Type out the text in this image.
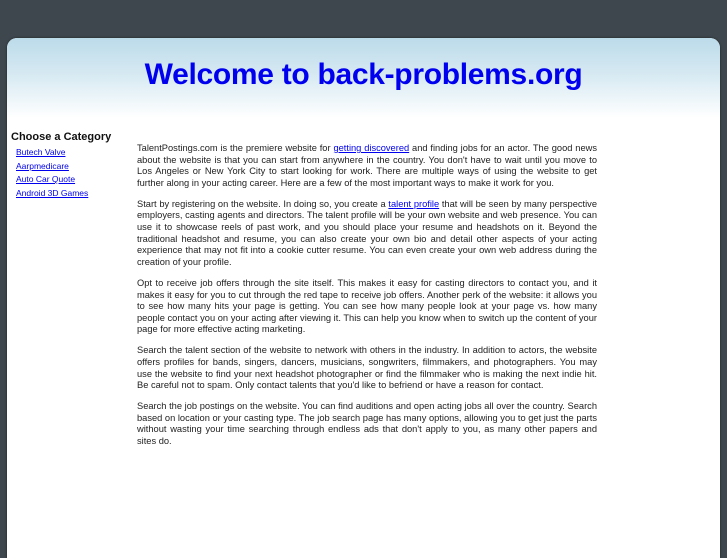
Welcome to back-problems.org
Choose a Category
Butech Valve
Aarpmedicare
Auto Car Quote
Android 3D Games

TalentPostings.com is the premiere website for getting discovered and finding jobs for an actor. The good news about the website is that you can start from anywhere in the country. You don't have to wait until you move to Los Angeles or New York City to start looking for work. There are multiple ways of using the website to get further along in your acting career. Here are a few of the most important ways to make it work for you.

Start by registering on the website. In doing so, you create a talent profile that will be seen by many perspective employers, casting agents and directors. The talent profile will be your own website and web presence. You can use it to showcase reels of past work, and you should place your resume and headshots on it. Beyond the traditional headshot and resume, you can also create your own bio and detail other aspects of your acting experience that may not fit into a cookie cutter resume. You can even create your own web address during the creation of your profile.

Opt to receive job offers through the site itself. This makes it easy for casting directors to contact you, and it makes it easy for you to cut through the red tape to receive job offers. Another perk of the website: it allows you to see how many hits your page is getting. You can see how many people look at your page vs. how many people contact you on your acting after viewing it. This can help you know when to switch up the content of your page for more effective acting marketing.

Search the talent section of the website to network with others in the industry. In addition to actors, the website offers profiles for bands, singers, dancers, musicians, songwriters, filmmakers, and photographers. You may use the website to find your next headshot photographer or find the filmmaker who is making the next indie hit. Be careful not to spam. Only contact talents that you'd like to befriend or have a reason for contact.

Search the job postings on the website. You can find auditions and open acting jobs all over the country. Search based on location or your casting type. The job search page has many options, allowing you to get just the parts without wasting your time searching through endless ads that don't apply to you, as many other papers and sites do.
